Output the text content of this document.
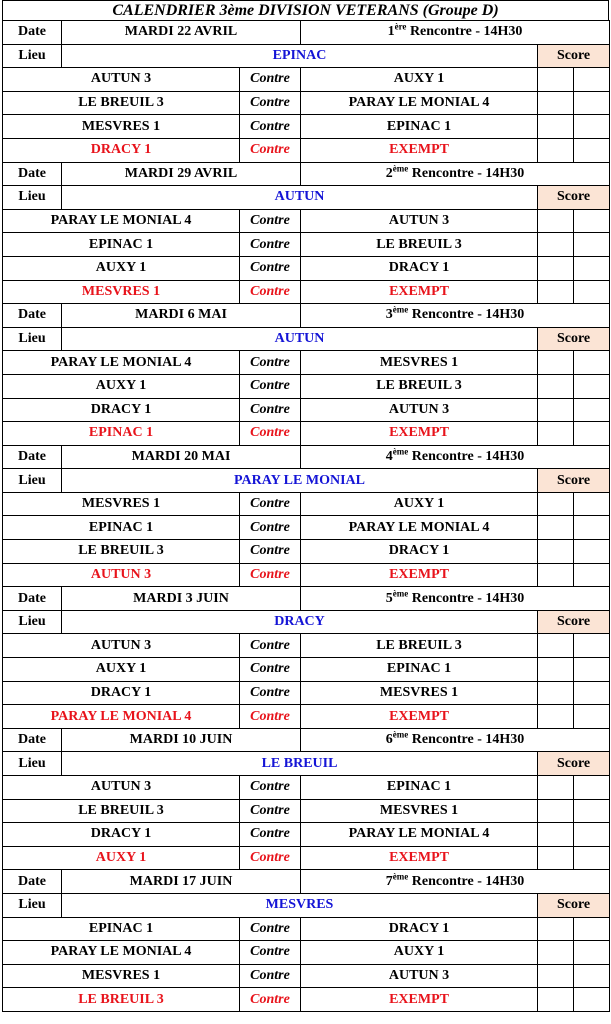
CALENDRIER 3ème DIVISION VETERANS (Groupe D)
Date	MARDI 22 AVRIL		1ère Rencontre - 14H30		
Lieu	EPINAC			Score	
AUTUN 3		Contre	AUXY 1		
LE BREUIL 3		Contre	PARAY LE MONIAL 4		
MESVRES 1		Contre	EPINAC 1		
DRACY 1		Contre	EXEMPT		
Date	MARDI 29 AVRIL		2ème Rencontre - 14H30		
Lieu	AUTUN			Score	
PARAY LE MONIAL 4		Contre	AUTUN 3		
EPINAC 1		Contre	LE BREUIL 3		
AUXY 1		Contre	DRACY 1		
MESVRES 1		Contre	EXEMPT		
Date	MARDI 6 MAI		3ème Rencontre - 14H30		
Lieu	AUTUN			Score	
PARAY LE MONIAL 4		Contre	MESVRES 1		
AUXY 1		Contre	LE BREUIL 3		
DRACY 1		Contre	AUTUN 3		
EPINAC 1		Contre	EXEMPT		
Date	MARDI 20 MAI		4ème Rencontre - 14H30		
Lieu	PARAY LE MONIAL			Score	
MESVRES 1		Contre	AUXY 1		
EPINAC 1		Contre	PARAY LE MONIAL 4		
LE BREUIL 3		Contre	DRACY 1		
AUTUN 3		Contre	EXEMPT		
Date	MARDI 3 JUIN		5ème Rencontre - 14H30		
Lieu	DRACY			Score	
AUTUN 3		Contre	LE BREUIL 3		
AUXY 1		Contre	EPINAC 1		
DRACY 1		Contre	MESVRES 1		
PARAY LE MONIAL 4		Contre	EXEMPT		
Date	MARDI 10 JUIN		6ème Rencontre - 14H30		
Lieu	LE BREUIL			Score	
AUTUN 3		Contre	EPINAC 1		
LE BREUIL 3		Contre	MESVRES 1		
DRACY 1		Contre	PARAY LE MONIAL 4		
AUXY 1		Contre	EXEMPT		
Date	MARDI 17 JUIN		7ème Rencontre - 14H30		
Lieu	MESVRES			Score	
EPINAC 1		Contre	DRACY 1		
PARAY LE MONIAL 4		Contre	AUXY 1		
MESVRES 1		Contre	AUTUN 3		
LE BREUIL 3		Contre	EXEMPT		
